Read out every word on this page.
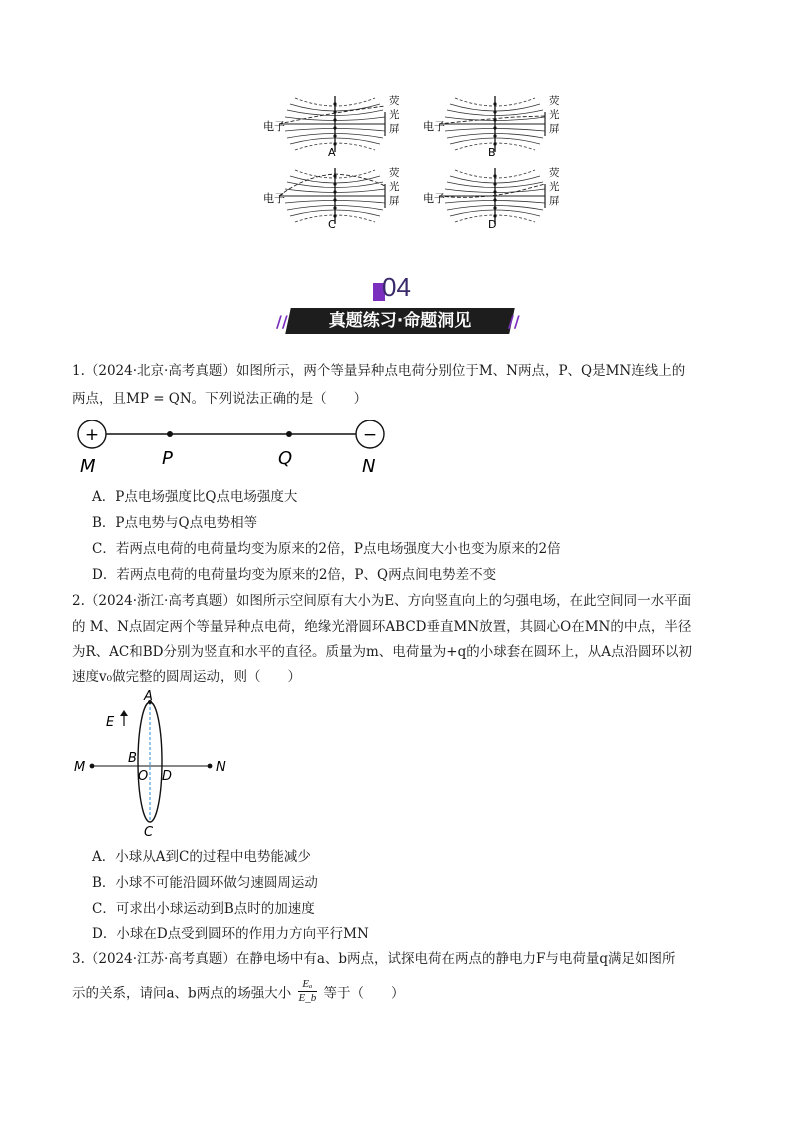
电子
荧
光
屏
A
电子
荧
光
屏
B
电子
荧
光
屏
C
电子
荧
光
屏
D
04
//	//
真题练习·命题洞见
1.（2024·北京·高考真题）如图所示，两个等量异种点电荷分别位于M、N两点，P、Q是MN连线上的
两点，且MP = QN。下列说法正确的是（　　）
+	−
M	P	Q	N
A．P点电场强度比Q点电场强度大
B．P点电势与Q点电势相等
C．若两点电荷的电荷量均变为原来的2倍，P点电场强度大小也变为原来的2倍
D．若两点电荷的电荷量均变为原来的2倍，P、Q两点间电势差不变
2.（2024·浙江·高考真题）如图所示空间原有大小为E、方向竖直向上的匀强电场，在此空间同一水平面
的 M、N点固定两个等量异种点电荷，绝缘光滑圆环ABCD垂直MN放置，其圆心O在MN的中点，半径
为R、AC和BD分别为竖直和水平的直径。质量为m、电荷量为+q的小球套在圆环上，从A点沿圆环以初
速度v₀做完整的圆周运动，则（　　）
A
E
M
B
O D
N
C
A．小球从A到C的过程中电势能减少
B．小球不可能沿圆环做匀速圆周运动
C．可求出小球运动到B点时的加速度
D．小球在D点受到圆环的作用力方向平行MN
3.（2024·江苏·高考真题）在静电场中有a、b两点，试探电荷在两点的静电力F与电荷量q满足如图所
示的关系，请问a、b两点的场强大小 $\frac{\text{Eₐ}}{E\_b}$ 等于（　　）
